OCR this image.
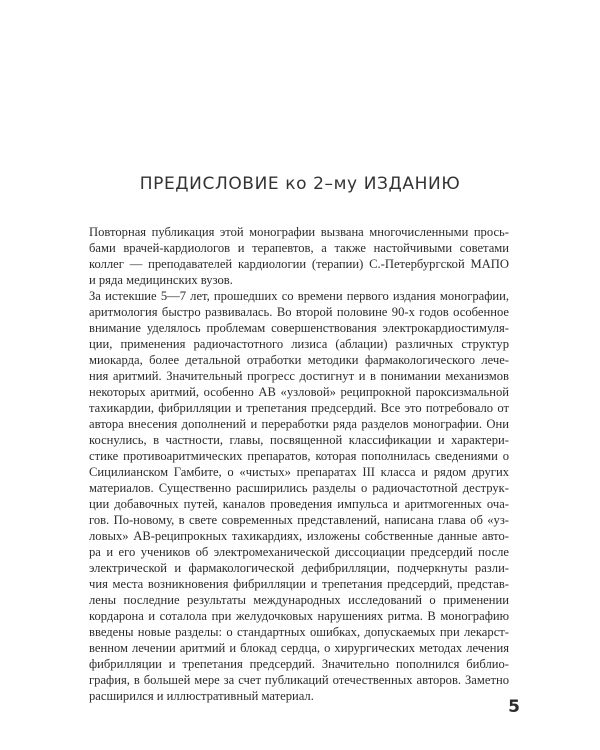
ПРЕДИСЛОВИЕ ко 2–му ИЗДАНИЮ
Повторная публикация этой монографии вызвана многочисленными прось-
бами врачей-кардиологов и терапевтов, а также настойчивыми советами
коллег — преподавателей кардиологии (терапии) С.-Петербургской МАПО
и ряда медицинских вузов.
За истекшие 5—7 лет, прошедших со времени первого издания монографии,
аритмология быстро развивалась. Во второй половине 90-х годов особенное
внимание уделялось проблемам совершенствования электрокардиостимуля-
ции, применения радиочастотного лизиса (аблации) различных структур
миокарда, более детальной отработки методики фармакологического лече-
ния аритмий. Значительный прогресс достигнут и в понимании механизмов
некоторых аритмий, особенно АВ «узловой» реципрокной пароксизмальной
тахикардии, фибрилляции и трепетания предсердий. Все это потребовало от
автора внесения дополнений и переработки ряда разделов монографии. Они
коснулись, в частности, главы, посвященной классификации и характери-
стике противоаритмических препаратов, которая пополнилась сведениями о
Сицилианском Гамбите, о «чистых» препаратах III класса и рядом других
материалов. Существенно расширились разделы о радиочастотной деструк-
ции добавочных путей, каналов проведения импульса и аритмогенных оча-
гов. По-новому, в свете современных представлений, написана глава об «уз-
ловых» АВ-реципрокных тахикардиях, изложены собственные данные авто-
ра и его учеников об электромеханической диссоциации предсердий после
электрической и фармакологической дефибрилляции, подчеркнуты разли-
чия места возникновения фибрилляции и трепетания предсердий, представ-
лены последние результаты международных исследований о применении
кордарона и соталола при желудочковых нарушениях ритма. В монографию
введены новые разделы: о стандартных ошибках, допускаемых при лекарст-
венном лечении аритмий и блокад сердца, о хирургических методах лечения
фибрилляции и трепетания предсердий. Значительно пополнился библио-
графия, в большей мере за счет публикаций отечественных авторов. Заметно
расширился и иллюстративный материал.
5
